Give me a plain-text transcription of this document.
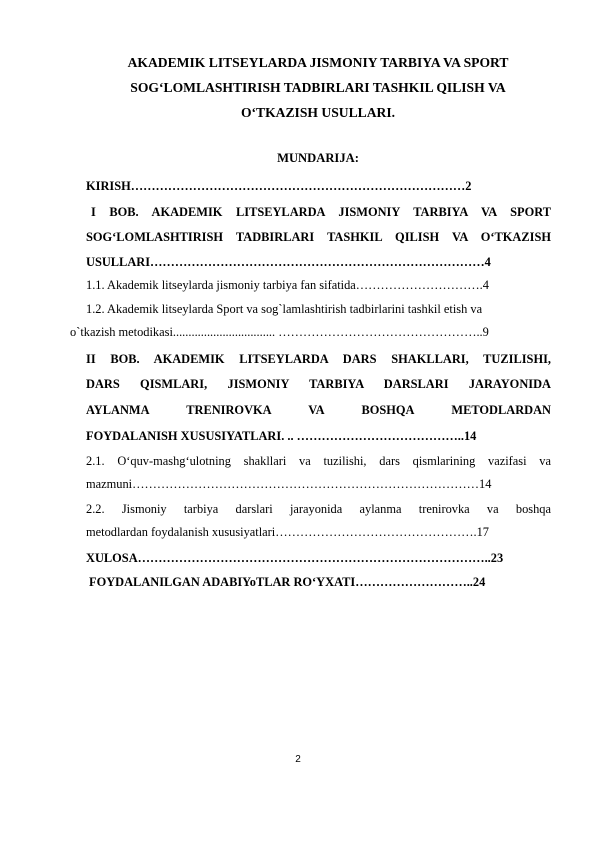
AKADEMIK LITSEYLARDA JISMONIY TARBIYA VA SPORT
SOG‘LOMLASHTIRISH TADBIRLARI TASHKIL QILISH VA
O‘TKAZISH USULLARI.
MUNDARIJA:
KIRISH………………………………………………………………………2
I BOB. AKADEMIK LITSEYLARDA JISMONIY TARBIYA VA SPORT
SOG‘LOMLASHTIRISH TADBIRLARI TASHKIL QILISH VA O‘TKAZISH
USULLARI………………………………………………………………………4
1.1. Akademik litseylarda jismoniy tarbiya fan sifatida………………………….4
1.2. Akademik litseylarda Sport va sog`lamlashtirish tadbirlarini tashkil etish va
o`tkazish metodikasi................................. …………………………………………..9
II BOB. AKADEMIK LITSEYLARDA DARS SHAKLLARI, TUZILISHI,
DARS QISMLARI, JISMONIY TARBIYA DARSLARI JARAYONIDA
AYLANMA TRENIROVKA VA BOSHQA METODLARDAN
FOYDALANISH XUSUSIYATLARI. .. …………………………………..14
2.1. O‘quv-mashg‘ulotning shakllari va tuzilishi, dars qismlarining vazifasi va
mazmuni…………………………………………………………………………14
2.2. Jismoniy tarbiya darslari jarayonida aylanma trenirovka va boshqa
metodlardan foydalanish xususiyatlari………………………………………….17
XULOSA…………………………………………………………………………..23
FOYDALANILGAN ADABIYoTLAR RO‘YXATI………………………..24
2
